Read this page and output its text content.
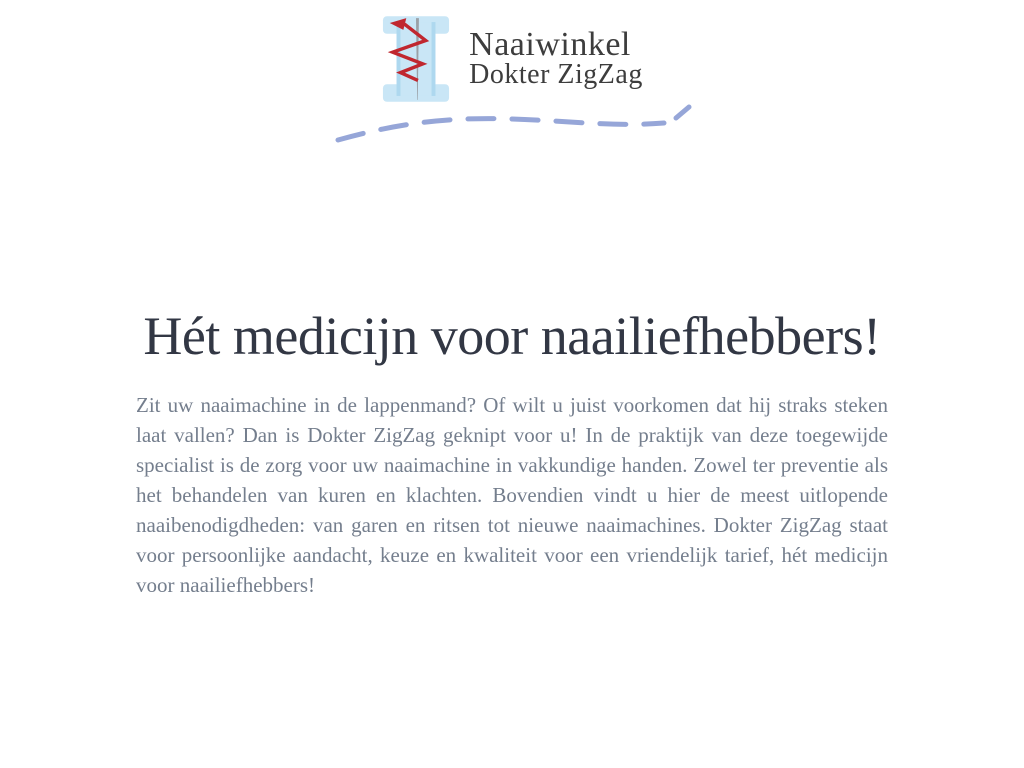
Naaiwinkel
Dokter ZigZag
Hét medicijn voor naailiefhebbers!

Zit uw naaimachine in de lappenmand? Of wilt u juist voorkomen dat hij straks steken laat vallen? Dan is Dokter ZigZag geknipt voor u! In de praktijk van deze toegewijde specialist is de zorg voor uw naaimachine in vakkundige handen. Zowel ter preventie als het behandelen van kuren en klachten. Bovendien vindt u hier de meest uitlopende naaibenodigdheden: van garen en ritsen tot nieuwe naaimachines. Dokter ZigZag staat voor persoonlijke aandacht, keuze en kwaliteit voor een vriendelijk tarief, hét medicijn voor naailiefhebbers!
